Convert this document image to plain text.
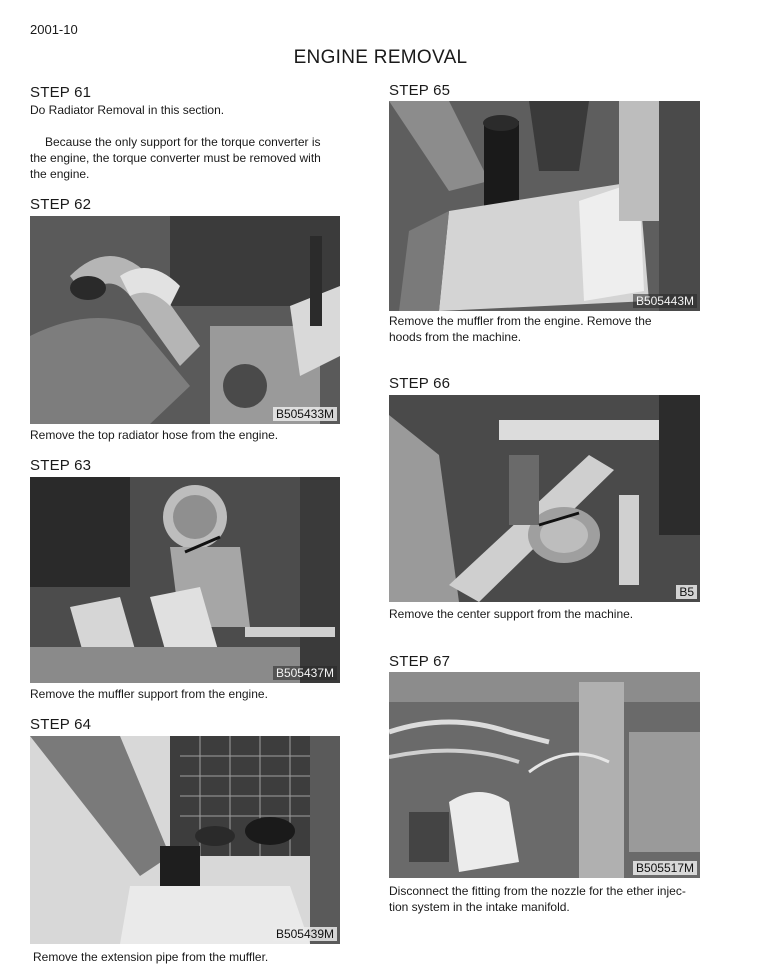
2001-10
ENGINE REMOVAL
STEP 61
Do Radiator Removal in this section.
Because the only support for the torque converter is
the engine, the torque converter must be removed with
the engine.
STEP 62
B505433M
Remove the top radiator hose from the engine.
STEP 63
B505437M
Remove the muffler support from the engine.
STEP 64
B505439M
Remove the extension pipe from the muffler.
STEP 65
B505443M
Remove the muffler from the engine. Remove the
hoods from the machine.
STEP 66
B5
Remove the center support from the machine.
STEP 67
B505517M
Disconnect the fitting from the nozzle for the ether injec-
tion system in the intake manifold.
